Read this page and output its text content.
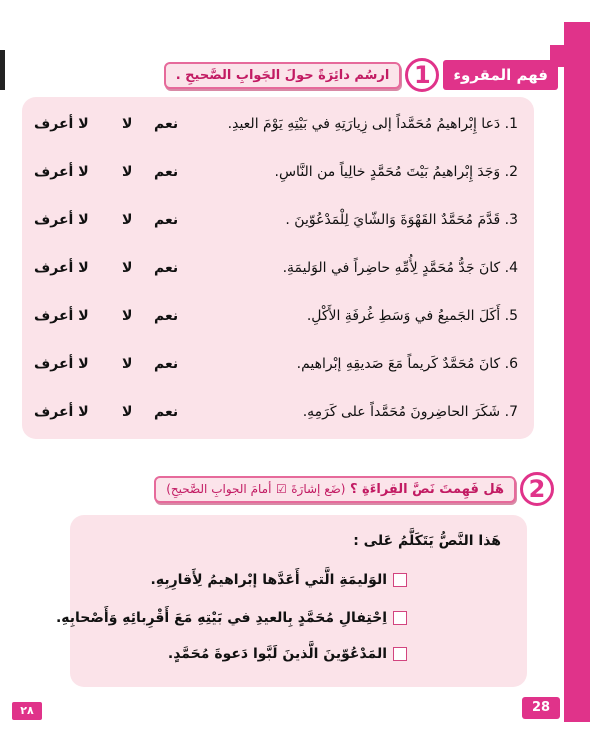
فهم المقروء
1
ارسُم دائِرَةً حولَ الجَوابِ الصَّحيحِ .
1. دَعا إِبْراهيمُ مُحَمَّداً إلى زِيارَتِهِ في بَيْتِهِ يَوْمَ العيدِ.
نعم
لا
لا أعرف
2. وَجَدَ إِبْراهيمُ بَيْتَ مُحَمَّدٍ خالِياً من النَّاسِ.
نعم
لا
لا أعرف
3. قَدَّمَ مُحَمَّدٌ القَهْوَةَ وَالشّايَ لِلْمَدْعُوّينَ .
نعم
لا
لا أعرف
4. كانَ جَدُّ مُحَمَّدٍ لِأُمِّهِ حاضِراً في الوَليمَةِ.
نعم
لا
لا أعرف
5. أَكَلَ الجَميعُ في وَسَطِ غُرفَةِ الأَكْلِ.
نعم
لا
لا أعرف
6. كانَ مُحَمَّدٌ كَريماً مَعَ صَديقِهِ إبْراهيم.
نعم
لا
لا أعرف
7. شَكَرَ الحاضِرونَ مُحَمَّداً على كَرَمِهِ.
نعم
لا
لا أعرف
2
هَل فَهِمتَ نَصَّ القِراءَةِ ؟ (ضَع إشارَةَ ☑ أمامَ الجوابِ الصَّحيحِ)
هَذا النَّصُّ يَتَكَلَّمُ عَلى :
الوَليمَةِ الَّتي أَعَدَّها إبْراهيمُ لِأَقارِبِهِ.
اِحْتِفالِ مُحَمَّدٍ بِالعيدِ في بَيْتِهِ مَعَ أَقْرِبائِهِ وَأَصْحابِهِ.
المَدْعُوّينَ الَّذينَ لَبَّوا دَعوةَ مُحَمَّدٍ.
٢٨	28
